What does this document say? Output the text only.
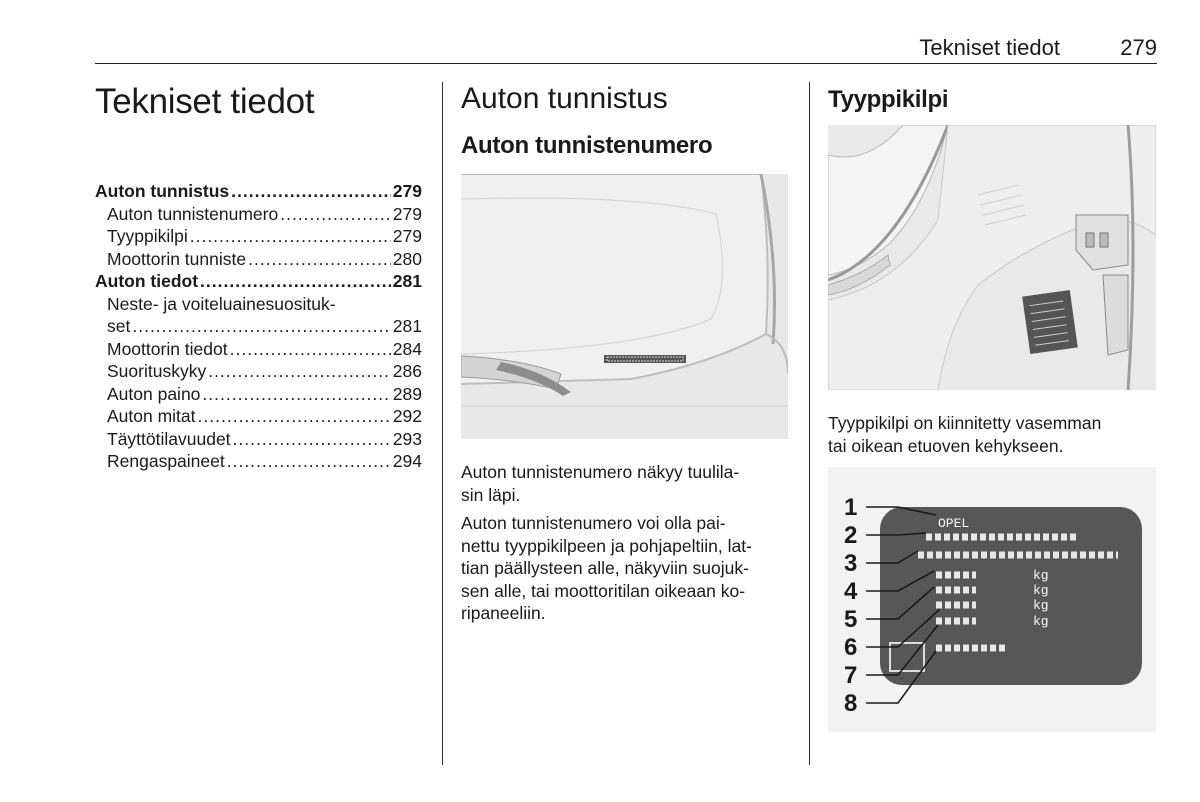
Tekniset tiedot	279
Tekniset tiedot
Auton tunnistus .....	279
Auton tunnistenumero .....	279
Tyyppikilpi .....	279
Moottorin tunniste .....	280
Auton tiedot .....	281
Neste- ja voiteluainesuosituk-
set .....	281
Moottorin tiedot .....	284
Suorituskyky .....	286
Auton paino .....	289
Auton mitat .....	292
Täyttötilavuudet .....	293
Rengaspaineet .....	294
Auton tunnistus
Auton tunnistenumero
Auton tunnistenumero näkyy tuulila-
sin läpi.
Auton tunnistenumero voi olla pai-
nettu tyyppikilpeen ja pohjapeltiin, lat-
tian päällysteen alle, näkyviin suojuk-
sen alle, tai moottoritilan oikeaan ko-
ripaneeliin.
Tyyppikilpi
Tyyppikilpi on kiinnitetty vasemman
tai oikean etuoven kehykseen.
OPEL
kg
kg
kg
kg
1
2
3
4
5
6
7
8
